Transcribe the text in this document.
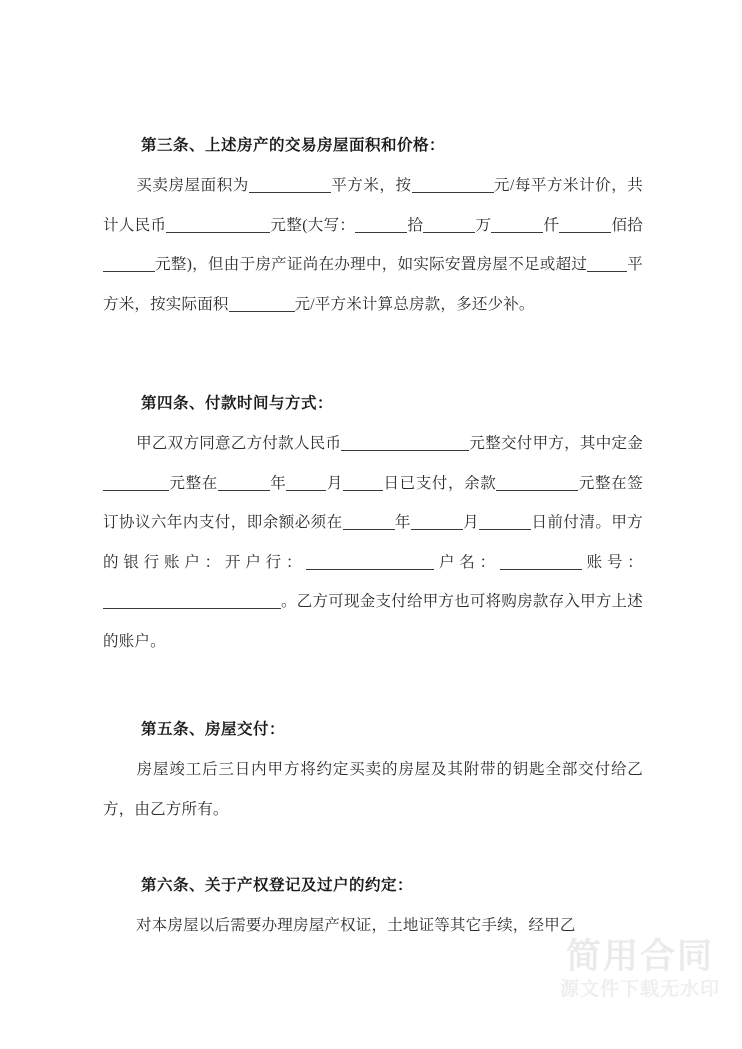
第三条、上述房产的交易房屋面积和价格：
买卖房屋面积为	平方米，按	元/每平方米计价，共计人民币	元整(大写：	拾	万	仟	佰拾元整)，但由于房产证尚在办理中，如实际安置房屋不足或超过	平方米，按实际面积	元/平方米计算总房款，多还少补。
第四条、付款时间与方式：
甲乙双方同意乙方付款人民币	元整交付甲方，其中定金元整在	年	月	日已支付，余款	元整在签订协议六年内支付，即余额必须在	年	月	日前付清。甲方的银行账户：开户行：	户名：	账号：。乙方可现金支付给甲方也可将购房款存入甲方上述的账户。
第五条、房屋交付：
房屋竣工后三日内甲方将约定买卖的房屋及其附带的钥匙全部交付给乙方，由乙方所有。
第六条、关于产权登记及过户的约定：
对本房屋以后需要办理房屋产权证，土地证等其它手续，经甲乙
简用合同
源文件下载无水印
